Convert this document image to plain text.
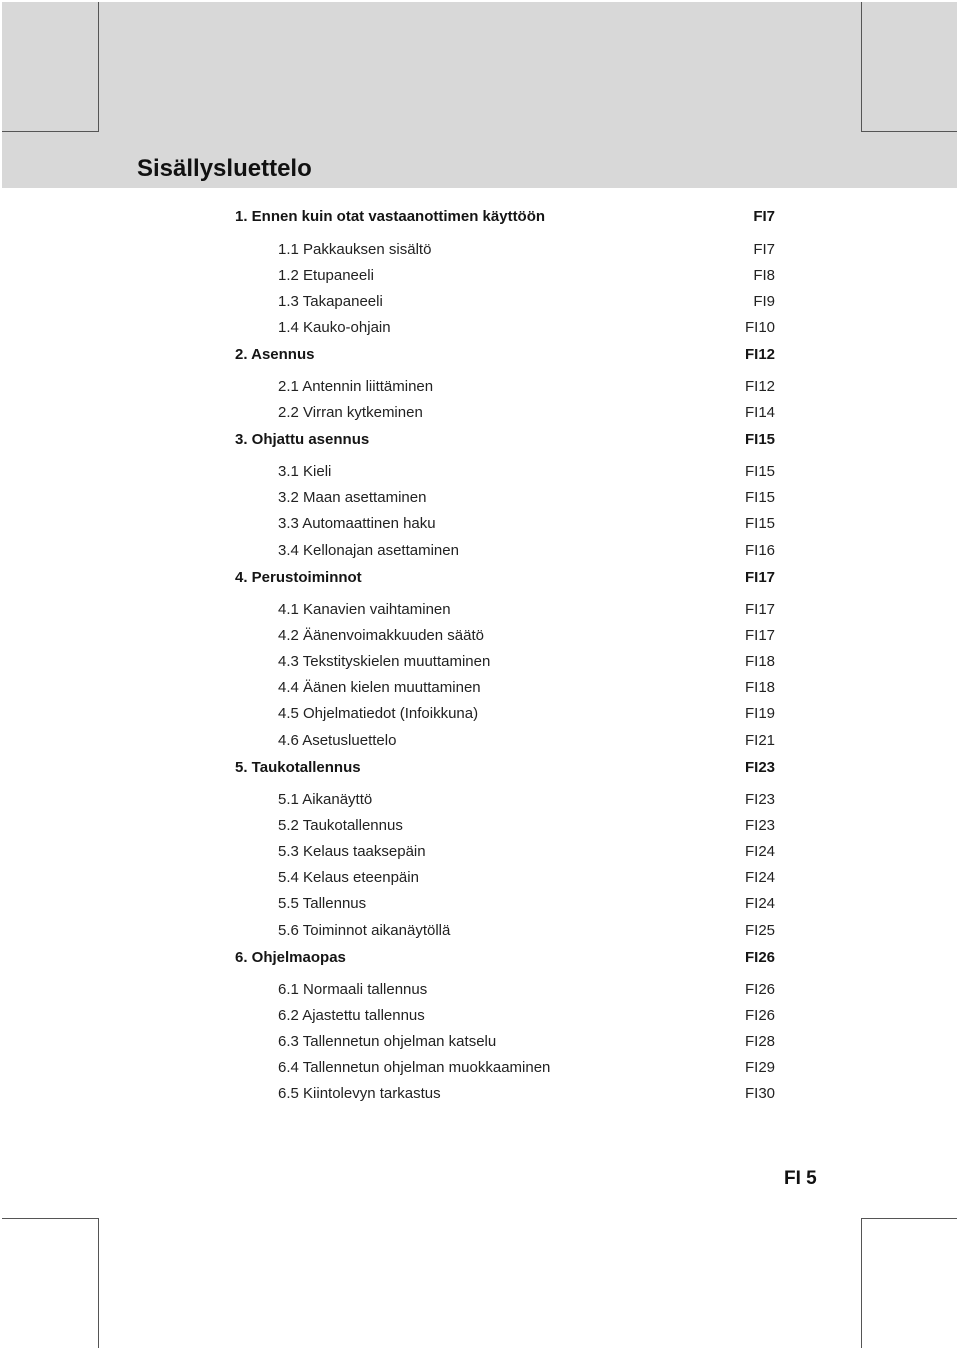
Sisällysluettelo
1. Ennen kuin otat vastaanottimen käyttöön	FI7
1.1 Pakkauksen sisältö	FI7
1.2 Etupaneeli	FI8
1.3 Takapaneeli	FI9
1.4 Kauko-ohjain	FI10
2. Asennus	FI12
2.1 Antennin liittäminen	FI12
2.2 Virran kytkeminen	FI14
3. Ohjattu asennus	FI15
3.1 Kieli	FI15
3.2 Maan asettaminen	FI15
3.3 Automaattinen haku	FI15
3.4 Kellonajan asettaminen	FI16
4. Perustoiminnot	FI17
4.1 Kanavien vaihtaminen	FI17
4.2 Äänenvoimakkuuden säätö	FI17
4.3 Tekstityskielen muuttaminen	FI18
4.4 Äänen kielen muuttaminen	FI18
4.5 Ohjelmatiedot (Infoikkuna)	FI19
4.6 Asetusluettelo	FI21
5. Taukotallennus	FI23
5.1 Aikanäyttö	FI23
5.2 Taukotallennus	FI23
5.3 Kelaus taaksepäin	FI24
5.4 Kelaus eteenpäin	FI24
5.5 Tallennus	FI24
5.6 Toiminnot aikanäytöllä	FI25
6. Ohjelmaopas	FI26
6.1 Normaali tallennus	FI26
6.2 Ajastettu tallennus	FI26
6.3 Tallennetun ohjelman katselu	FI28
6.4 Tallennetun ohjelman muokkaaminen	FI29
6.5 Kiintolevyn tarkastus	FI30
FI 5
